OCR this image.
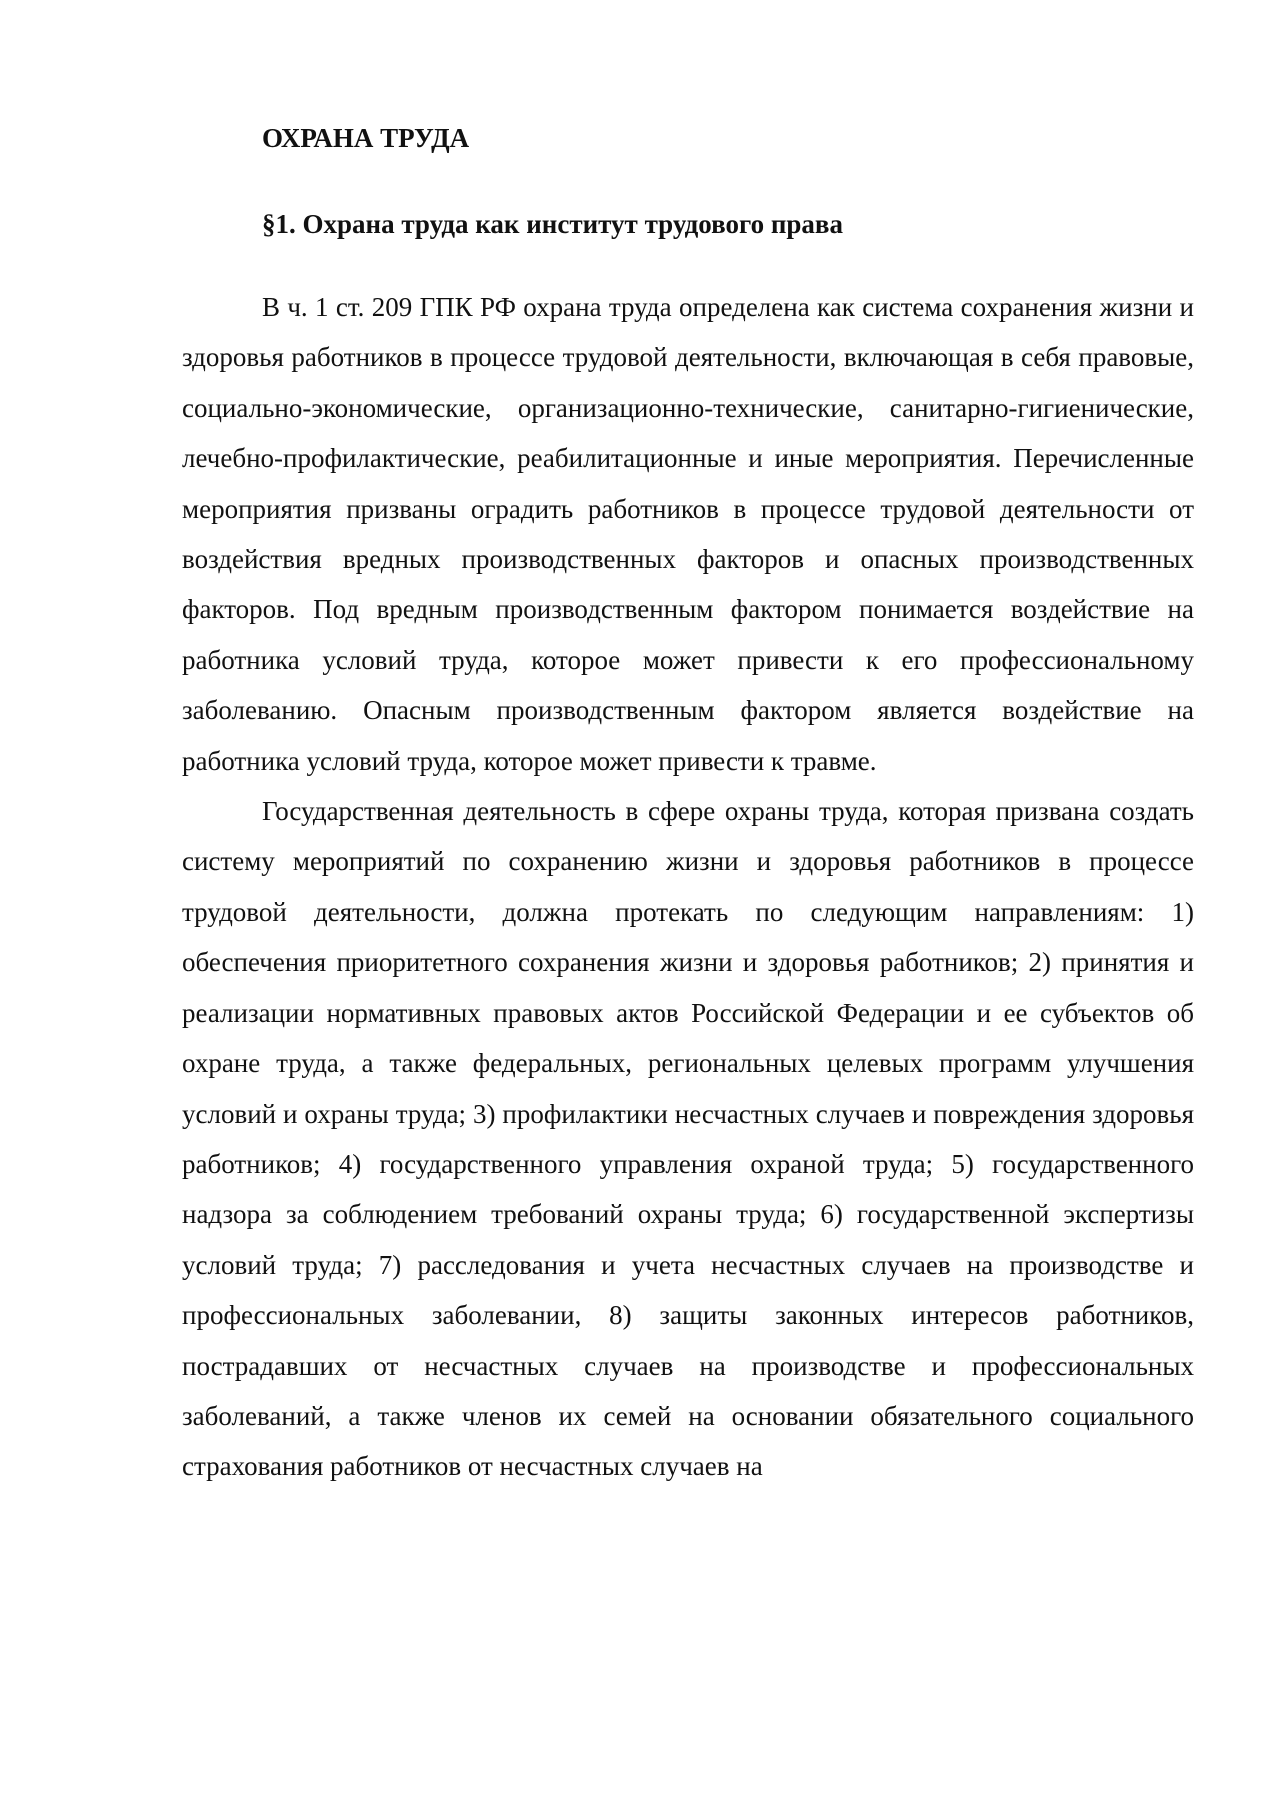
ОХРАНА ТРУДА
§1. Охрана труда как институт трудового права

В ч. 1 ст. 209 ГПК РФ охрана труда определена как система сохранения жизни и здоровья работников в процессе трудовой деятельности, включающая в себя правовые, социально-экономические, организационно-технические, санитарно-гигиенические, лечебно-профилактические, реабилитационные и иные мероприятия. Перечисленные мероприятия призваны оградить работников в процессе трудовой деятельности от воздействия вредных производственных факторов и опасных производственных факторов. Под вредным производственным фактором понимается воздействие на работника условий труда, которое может привести к его профессиональному заболеванию. Опасным производственным фактором является воздействие на работника условий труда, которое может привести к травме.

Государственная деятельность в сфере охраны труда, которая призвана создать систему мероприятий по сохранению жизни и здоровья работников в процессе трудовой деятельности, должна протекать по следующим направлениям: 1) обеспечения приоритетного сохранения жизни и здоровья работников; 2) принятия и реализации нормативных правовых актов Российской Федерации и ее субъектов об охране труда, а также федеральных, региональных целевых программ улучшения условий и охраны труда; 3) профилактики несчастных случаев и повреждения здоровья работников; 4) государственного управления охраной труда; 5) государственного надзора за соблюдением требований охраны труда; 6) государственной экспертизы условий труда; 7) расследования и учета несчастных случаев на производстве и профессиональных заболевании, 8) защиты законных интересов работников, пострадавших от несчастных случаев на производстве и профессиональных заболеваний, а также членов их семей на основании обязательного социального страхования работников от несчастных случаев на
